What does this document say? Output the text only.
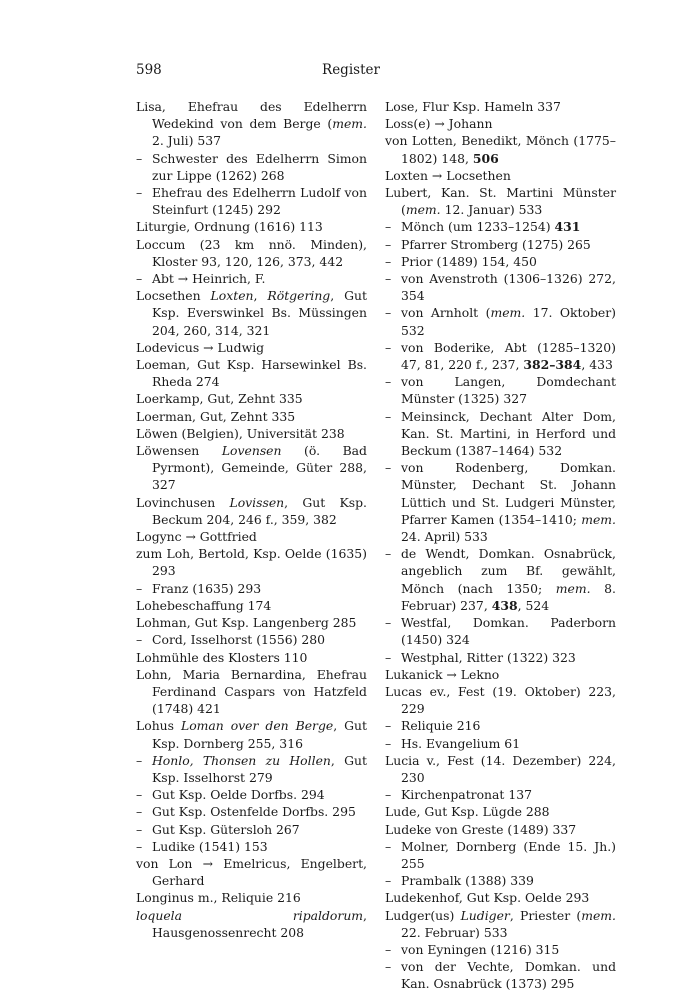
598	Register
Lisa, Ehefrau des Edelherrn Wedekind von dem Berge (mem. 2. Juli) 537
– Schwester des Edelherrn Simon zur Lippe (1262) 268
– Ehefrau des Edelherrn Ludolf von Steinfurt (1245) 292
Liturgie, Ordnung (1616) 113
Loccum (23 km nnö. Minden), Kloster 93, 120, 126, 373, 442
– Abt → Heinrich, F.
Locsethen Loxten, Rötgering, Gut Ksp. Everswinkel Bs. Müssingen 204, 260, 314, 321
Lodevicus → Ludwig
Loeman, Gut Ksp. Harsewinkel Bs. Rheda 274
Loerkamp, Gut, Zehnt 335
Loerman, Gut, Zehnt 335
Löwen (Belgien), Universität 238
Löwensen Lovensen (ö. Bad Pyrmont), Gemeinde, Güter 288, 327
Lovinchusen Lovissen, Gut Ksp. Beckum 204, 246 f., 359, 382
Logync → Gottfried
zum Loh, Bertold, Ksp. Oelde (1635) 293
– Franz (1635) 293
Lohebeschaffung 174
Lohman, Gut Ksp. Langenberg 285
– Cord, Isselhorst (1556) 280
Lohmühle des Klosters 110
Lohn, Maria Bernardina, Ehefrau Ferdinand Caspars von Hatzfeld (1748) 421
Lohus Loman over den Berge, Gut Ksp. Dornberg 255, 316
– Honlo, Thonsen zu Hollen, Gut Ksp. Isselhorst 279
– Gut Ksp. Oelde Dorfbs. 294
– Gut Ksp. Ostenfelde Dorfbs. 295
– Gut Ksp. Gütersloh 267
– Ludike (1541) 153
von Lon → Emelricus, Engelbert, Gerhard
Longinus m., Reliquie 216
loquela ripaldorum, Hausgenossenrecht 208
Lose, Flur Ksp. Hameln 337
Loss(e) → Johann
von Lotten, Benedikt, Mönch (1775–1802) 148, 506
Loxten → Locsethen
Lubert, Kan. St. Martini Münster (mem. 12. Januar) 533
– Mönch (um 1233–1254) 431
– Pfarrer Stromberg (1275) 265
– Prior (1489) 154, 450
– von Avenstroth (1306–1326) 272, 354
– von Arnholt (mem. 17. Oktober) 532
– von Boderike, Abt (1285–1320) 47, 81, 220 f., 237, 382–384, 433
– von Langen, Domdechant Münster (1325) 327
– Meinsinck, Dechant Alter Dom, Kan. St. Martini, in Herford und Beckum (1387–1464) 532
– von Rodenberg, Domkan. Münster, Dechant St. Johann Lüttich und St. Ludgeri Münster, Pfarrer Kamen (1354–1410; mem. 24. April) 533
– de Wendt, Domkan. Osnabrück, angeblich zum Bf. gewählt, Mönch (nach 1350; mem. 8. Februar) 237, 438, 524
– Westfal, Domkan. Paderborn (1450) 324
– Westphal, Ritter (1322) 323
Lukanick → Lekno
Lucas ev., Fest (19. Oktober) 223, 229
– Reliquie 216
– Hs. Evangelium 61
Lucia v., Fest (14. Dezember) 224, 230
– Kirchenpatronat 137
Lude, Gut Ksp. Lügde 288
Ludeke von Greste (1489) 337
– Molner, Dornberg (Ende 15. Jh.) 255
– Prambalk (1388) 339
Ludekenhof, Gut Ksp. Oelde 293
Ludger(us) Ludiger, Priester (mem. 22. Februar) 533
– von Eyningen (1216) 315
– von der Vechte, Domkan. und Kan. Osnabrück (1373) 295
